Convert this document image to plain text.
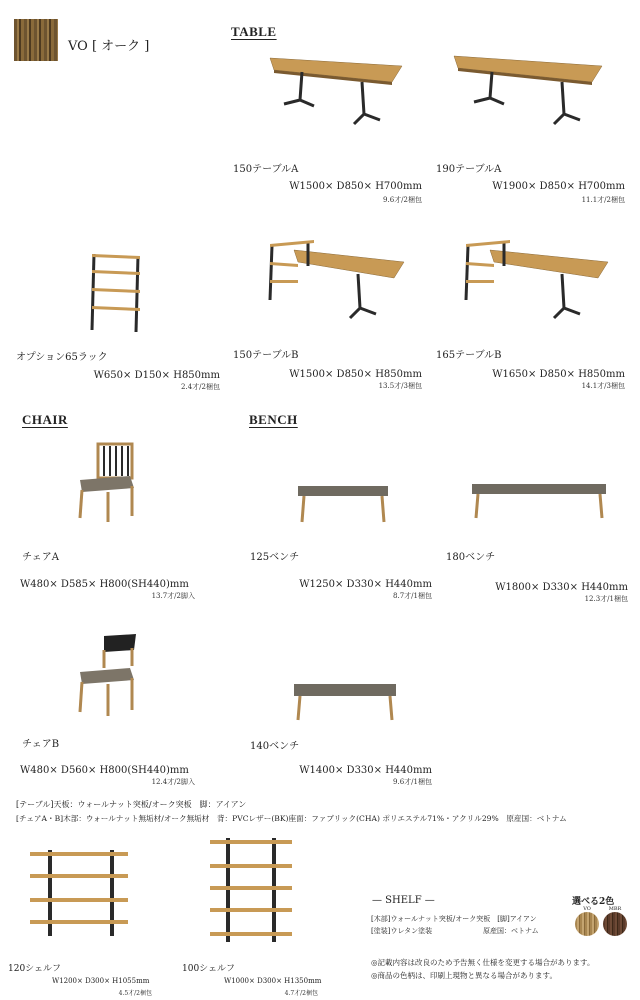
VO [ オーク ]
TABLE
CHAIR	BENCH
150テーブルA
W1500× D850× H700mm
9.6才/2梱包
190テーブルA
W1900× D850× H700mm
11.1才/2梱包
オプション65ラック
W650× D150× H850mm
2.4才/2梱包
150テーブルB
W1500× D850× H850mm
13.5才/3梱包
165テーブルB
W1650× D850× H850mm
14.1才/3梱包
チェアA
W480× D585× H800(SH440)mm
13.7才/2脚入
125ベンチ
W1250× D330× H440mm
8.7才/1梱包
180ベンチ
W1800× D330× H440mm
12.3才/1梱包
チェアB
W480× D560× H800(SH440)mm
12.4才/2脚入
140ベンチ
W1400× D330× H440mm
9.6才/1梱包
[テーブル]天板：ウォールナット突板/オーク突板　脚：アイアン
[チェアA・B]木部：ウォールナット無垢材/オーク無垢材　背：PVCレザー(BK)座面：ファブリック(CHA) ポリエステル71%・アクリル29%　原産国：ベトナム
120シェルフ
W1200× D300× H1055mm
4.5才/2梱包
100シェルフ
W1000× D300× H1350mm
4.7才/2梱包
— SHELF —
[木部]ウォールナット突板/オーク突板　[脚]アイアン
[塗装]ウレタン塗装	原産国：ベトナム
選べる2色
VO	MBR
◎記載内容は改良のため予告無く仕様を変更する場合があります。
◎商品の色柄は、印刷上現物と異なる場合があります。
